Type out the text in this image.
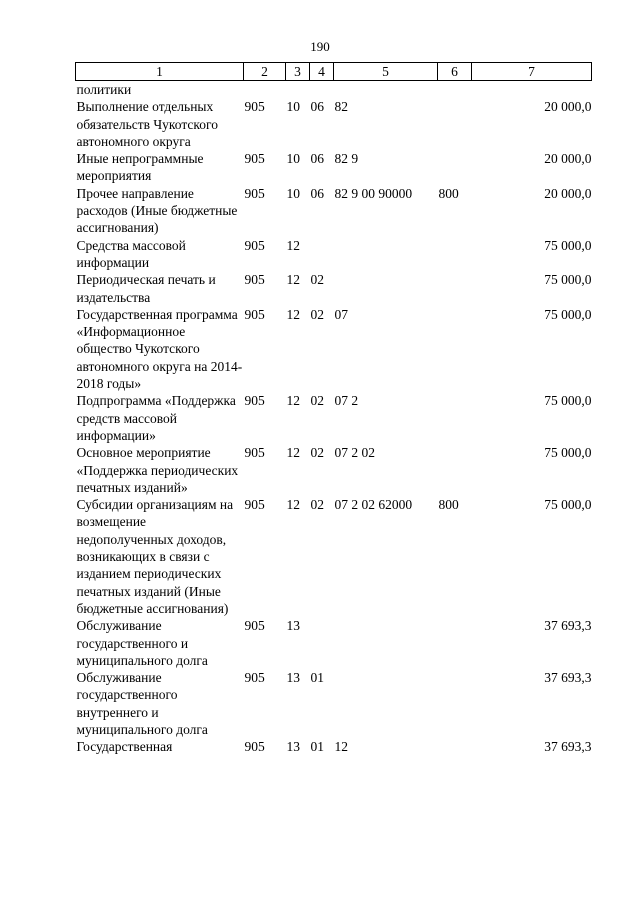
190
1	2	3	4	5	6	7
политики						
Выполнение отдельных обязательств Чукотского автономного округа	905	10	06	82		20 000,0
Иные непрограммные мероприятия	905	10	06	82 9		20 000,0
Прочее направление расходов (Иные бюджетные ассигнования)	905	10	06	82 9 00 90000	800	20 000,0
Средства массовой информации	905	12				75 000,0
Периодическая печать и издательства	905	12	02			75 000,0
Государственная программа «Информационное общество Чукотского автономного округа на 2014-2018 годы»	905	12	02	07		75 000,0
Подпрограмма «Поддержка средств массовой информации»	905	12	02	07 2		75 000,0
Основное мероприятие «Поддержка периодических печатных изданий»	905	12	02	07 2 02		75 000,0
Субсидии организациям на возмещение недополученных доходов, возникающих в связи с изданием периодических печатных изданий (Иные бюджетные ассигнования)	905	12	02	07 2 02 62000	800	75 000,0
Обслуживание государственного и муниципального долга	905	13				37 693,3
Обслуживание государственного внутреннего и муниципального долга	905	13	01			37 693,3
Государственная	905	13	01	12		37 693,3
